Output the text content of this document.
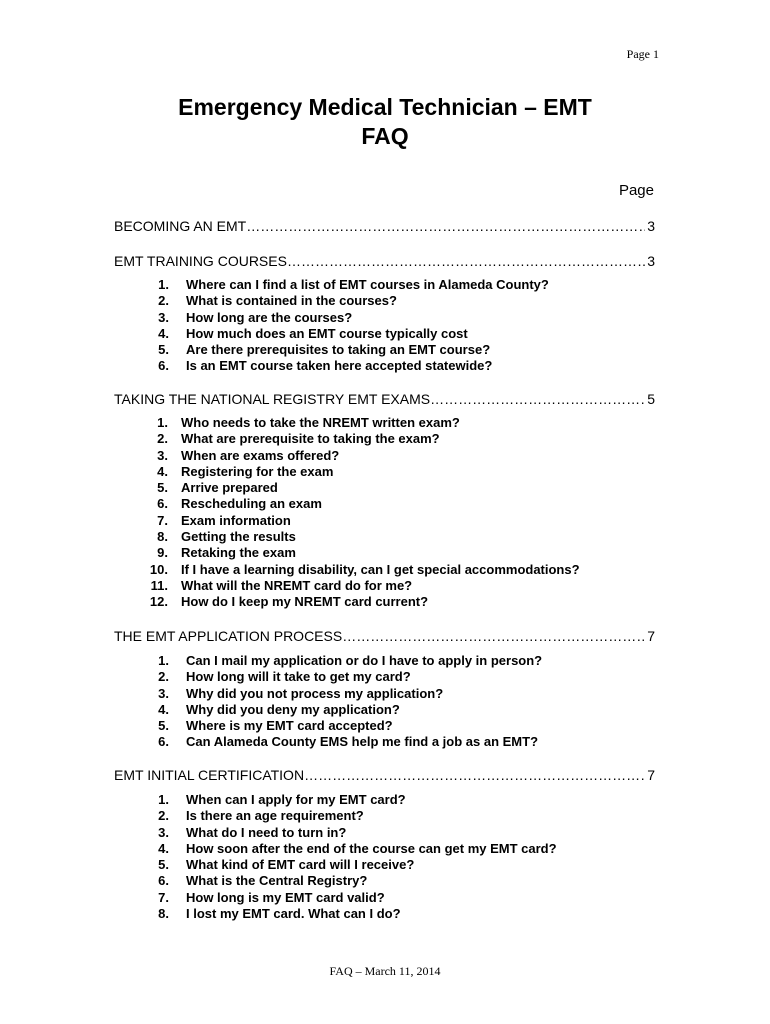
Page 1
Emergency Medical Technician – EMT
FAQ
Page
BECOMING AN EMT ………………………………………………………………………………………………………………………………………………	3
EMT TRAINING COURSES ………………………………………………………………………………………………………………………………………………	3
1.	Where can I find a list of EMT courses in Alameda County?
2.	What is contained in the courses?
3.	How long are the courses?
4.	How much does an EMT course typically cost
5.	Are there prerequisites to taking an EMT course?
6.	Is an EMT course taken here accepted statewide?
TAKING THE NATIONAL REGISTRY EMT EXAMS ………………………………………………………………………………………………………………………………………………	5
1.	Who needs to take the NREMT written exam?
2.	What are prerequisite to taking the exam?
3.	When are exams offered?
4.	Registering for the exam
5.	Arrive prepared
6.	Rescheduling an exam
7.	Exam information
8.	Getting the results
9.	Retaking the exam
10.	If I have a learning disability, can I get special accommodations?
11.	What will the NREMT card do for me?
12.	How do I keep my NREMT card current?
THE EMT APPLICATION PROCESS ………………………………………………………………………………………………………………………………………………	7
1.	Can I mail my application or do I have to apply in person?
2.	How long will it take to get my card?
3.	Why did you not process my application?
4.	Why did you deny my application?
5.	Where is my EMT card accepted?
6.	Can Alameda County EMS help me find a job as an EMT?
EMT INITIAL CERTIFICATION ………………………………………………………………………………………………………………………………………………	7
1.	When can I apply for my EMT card?
2.	Is there an age requirement?
3.	What do I need to turn in?
4.	How soon after the end of the course can get my EMT card?
5.	What kind of EMT card will I receive?
6.	What is the Central Registry?
7.	How long is my EMT card valid?
8.	I lost my EMT card. What can I do?
FAQ – March 11, 2014
